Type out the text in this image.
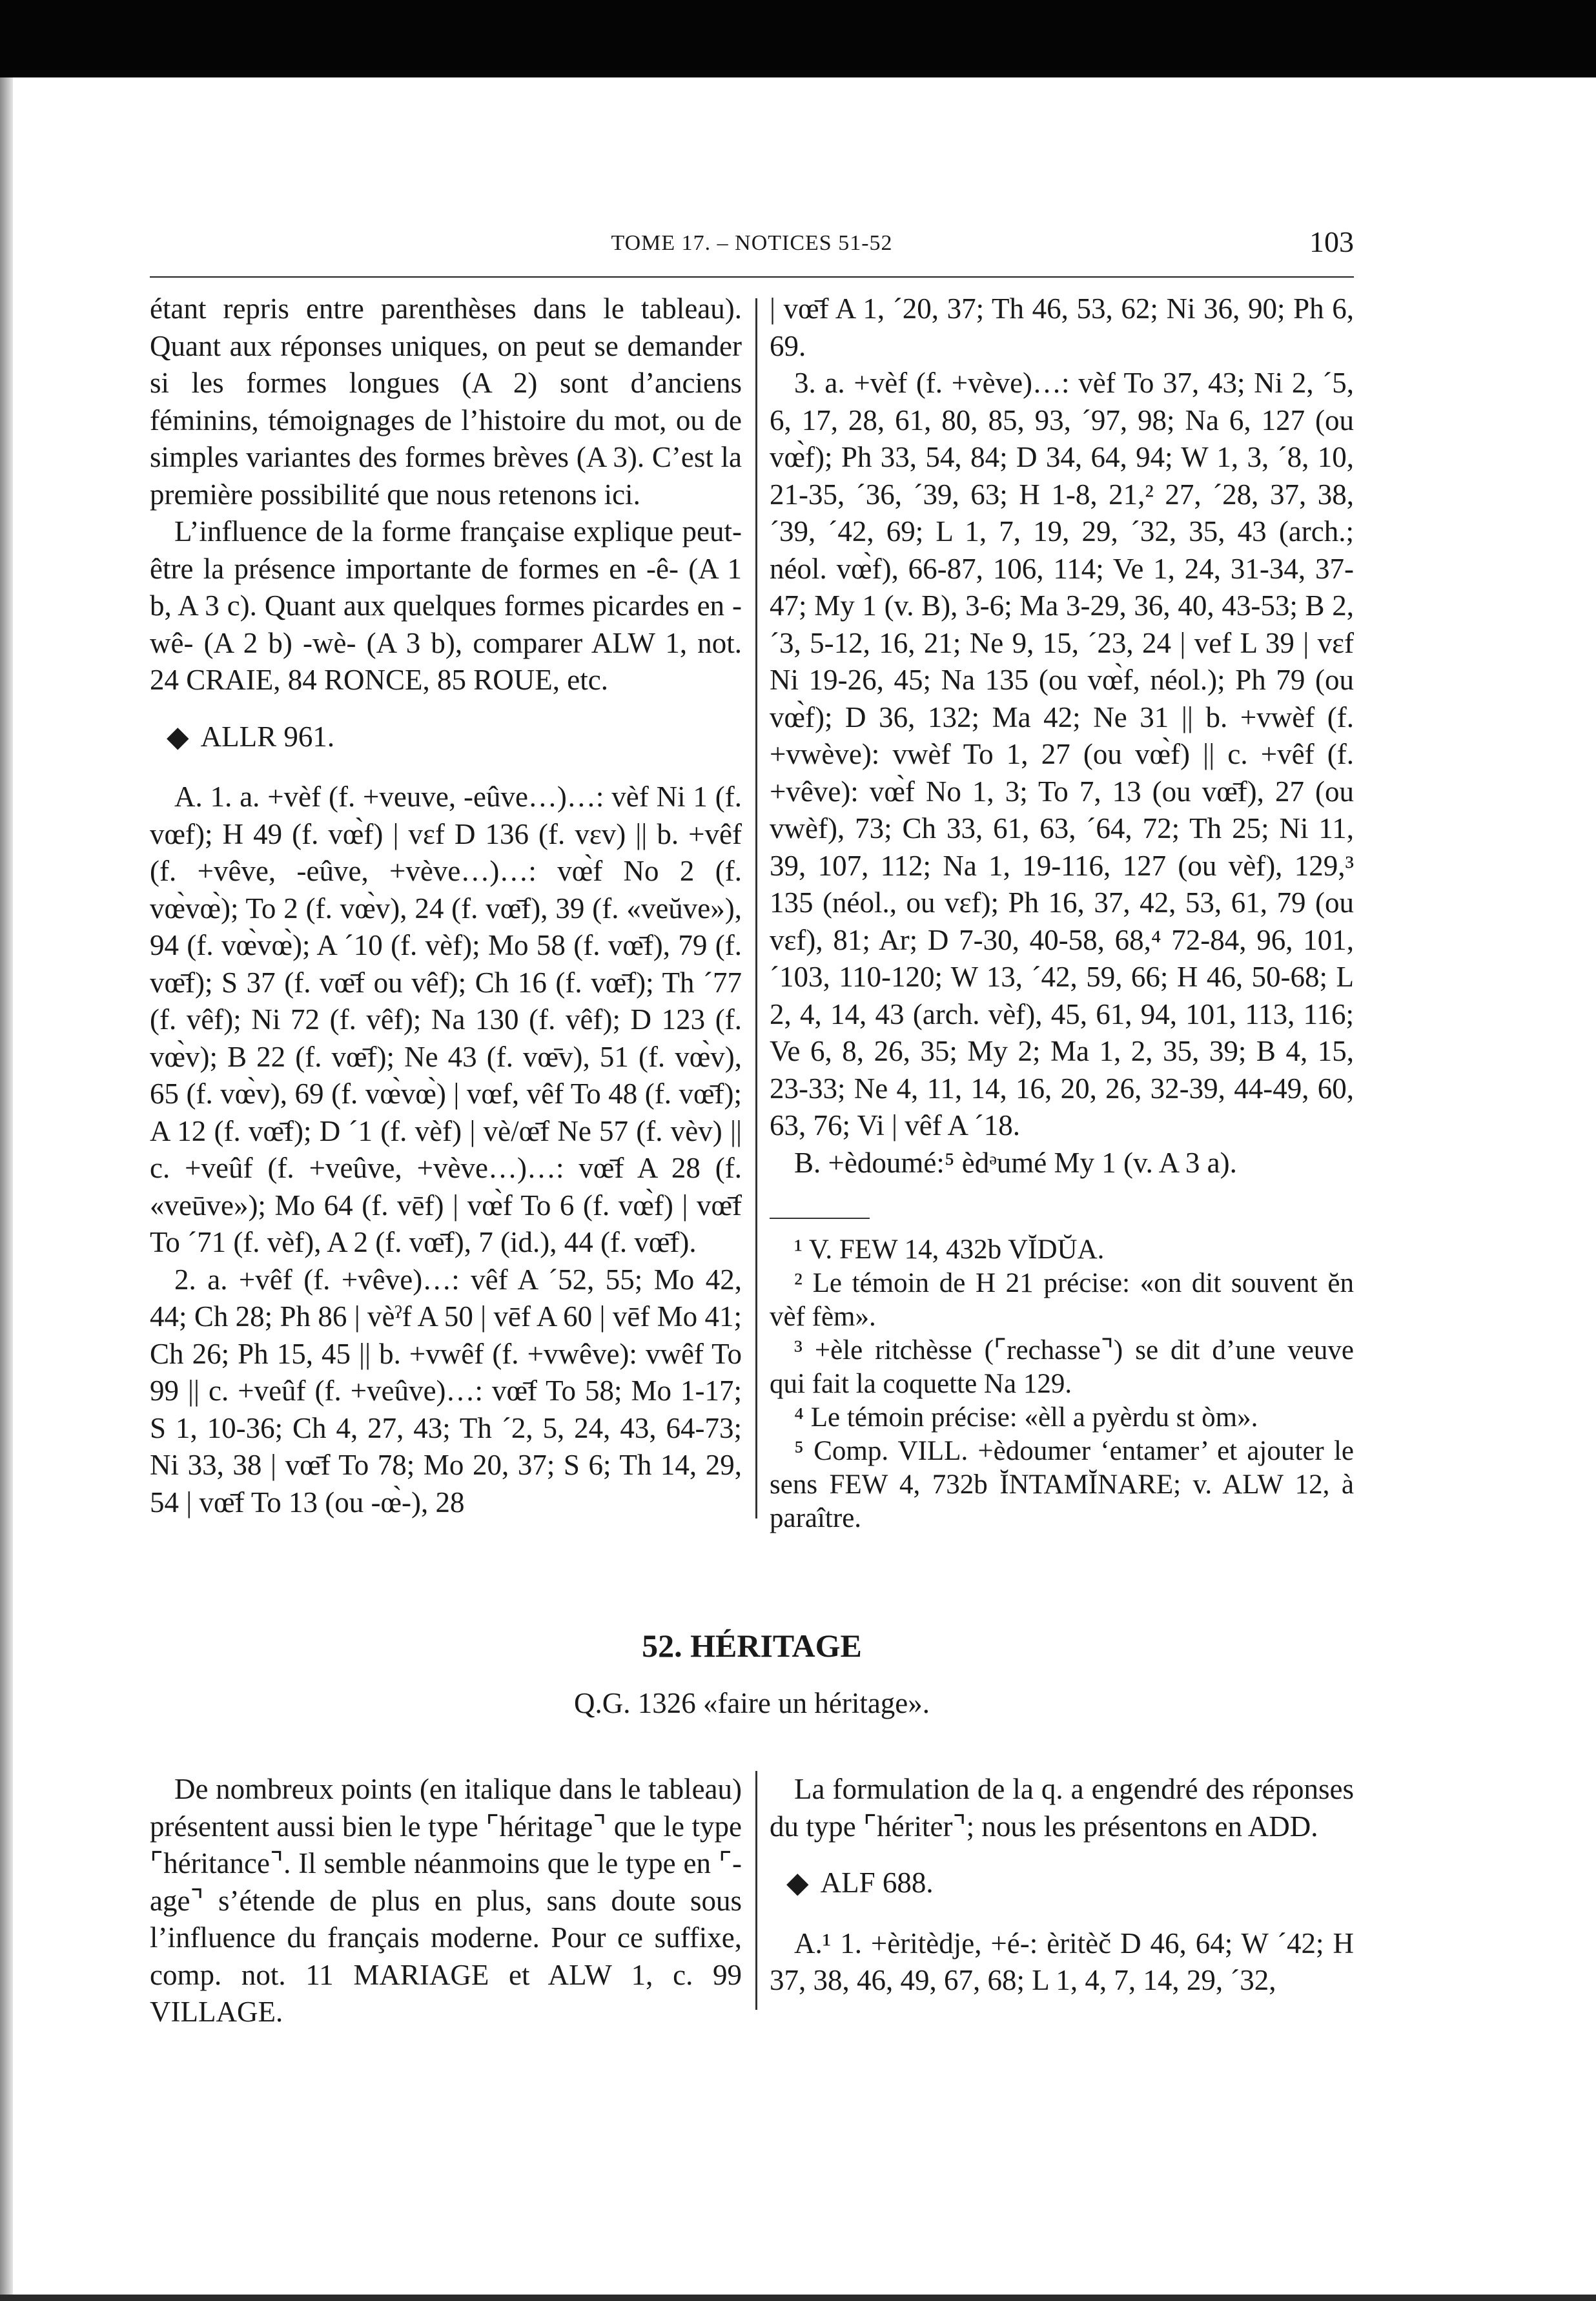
TOME 17. – NOTICES 51-52	103

étant repris entre parenthèses dans le tableau). Quant aux réponses uniques, on peut se demander si les formes longues (A 2) sont d’anciens féminins, témoignages de l’histoire du mot, ou de simples variantes des formes brèves (A 3). C’est la première possibilité que nous retenons ici.

L’influence de la forme française explique peut-être la présence importante de formes en -ê- (A 1 b, A 3 c). Quant aux quelques formes picardes en -wê- (A 2 b) -wè- (A 3 b), comparer ALW 1, not. 24 CRAIE, 84 RONCE, 85 ROUE, etc.

◆ ALLR 961.

A. 1. a. +vèf (f. +veuve, -eûve…)…: vèf Ni 1 (f. vœf); H 49 (f. vœ̀f) | vɛf D 136 (f. vɛv) || b. +vêf (f. +vêve, -eûve, +vève…)…: vœ̀f No 2 (f. vœ̀vœ̀); To 2 (f. vœ̀v), 24 (f. vœ̄f), 39 (f. «veŭve»), 94 (f. vœ̀vœ̀); A ´10 (f. vèf); Mo 58 (f. vœ̄f), 79 (f. vœ̄f); S 37 (f. vœ̄f ou vêf); Ch 16 (f. vœ̄f); Th ´77 (f. vêf); Ni 72 (f. vêf); Na 130 (f. vêf); D 123 (f. vœ̀v); B 22 (f. vœ̄f); Ne 43 (f. vœ̄v), 51 (f. vœ̀v), 65 (f. vœ̀v), 69 (f. vœ̀vœ̀) | vœf, vêf To 48 (f. vœ̄f); A 12 (f. vœ̄f); D ´1 (f. vèf) | vè/œ̄f Ne 57 (f. vèv) || c. +veûf (f. +veûve, +vève…)…: vœ̄f A 28 (f. «veūve»); Mo 64 (f. vēf) | vœ̀f To 6 (f. vœ̀f) | vœ̄f To ´71 (f. vèf), A 2 (f. vœ̄f), 7 (id.), 44 (f. vœ̄f).

2. a. +vêf (f. +vêve)…: vêf A ´52, 55; Mo 42, 44; Ch 28; Ph 86 | vèˀf A 50 | vēf A 60 | vēf Mo 41; Ch 26; Ph 15, 45 || b. +vwêf (f. +vwêve): vwêf To 99 || c. +veûf (f. +veûve)…: vœ̄f To 58; Mo 1-17; S 1, 10-36; Ch 4, 27, 43; Th ´2, 5, 24, 43, 64-73; Ni 33, 38 | vœ̄f To 78; Mo 20, 37; S 6; Th 14, 29, 54 | vœ̄f To 13 (ou -œ̀-), 28

| vœ̄f A 1, ´20, 37; Th 46, 53, 62; Ni 36, 90; Ph 6, 69.

3. a. +vèf (f. +vève)…: vèf To 37, 43; Ni 2, ´5, 6, 17, 28, 61, 80, 85, 93, ´97, 98; Na 6, 127 (ou vœ̀f); Ph 33, 54, 84; D 34, 64, 94; W 1, 3, ´8, 10, 21-35, ´36, ´39, 63; H 1-8, 21,² 27, ´28, 37, 38, ´39, ´42, 69; L 1, 7, 19, 29, ´32, 35, 43 (arch.; néol. vœ̀f), 66-87, 106, 114; Ve 1, 24, 31-34, 37-47; My 1 (v. B), 3-6; Ma 3-29, 36, 40, 43-53; B 2, ´3, 5-12, 16, 21; Ne 9, 15, ´23, 24 | vef L 39 | vɛf Ni 19-26, 45; Na 135 (ou vœ̀f, néol.); Ph 79 (ou vœ̀f); D 36, 132; Ma 42; Ne 31 || b. +vwèf (f. +vwève): vwèf To 1, 27 (ou vœ̀f) || c. +vêf (f. +vêve): vœ̀f No 1, 3; To 7, 13 (ou vœ̄f), 27 (ou vwèf), 73; Ch 33, 61, 63, ´64, 72; Th 25; Ni 11, 39, 107, 112; Na 1, 19-116, 127 (ou vèf), 129,³ 135 (néol., ou vɛf); Ph 16, 37, 42, 53, 61, 79 (ou vɛf), 81; Ar; D 7-30, 40-58, 68,⁴ 72-84, 96, 101, ´103, 110-120; W 13, ´42, 59, 66; H 46, 50-68; L 2, 4, 14, 43 (arch. vèf), 45, 61, 94, 101, 113, 116; Ve 6, 8, 26, 35; My 2; Ma 1, 2, 35, 39; B 4, 15, 23-33; Ne 4, 11, 14, 16, 20, 26, 32-39, 44-49, 60, 63, 76; Vi | vêf A ´18.

B. +èdoumé:⁵ èdᵊumé My 1 (v. A 3 a).

¹ V. FEW 14, 432b VĬDŬA.

² Le témoin de H 21 précise: «on dit souvent ĕn vèf fèm».

³ +èle ritchèsse (⌜rechasse⌝) se dit d’une veuve qui fait la coquette Na 129.

⁴ Le témoin précise: «èll a pyèrdu st òm».

⁵ Comp. VILL. +èdoumer ‘entamer’ et ajouter le sens FEW 4, 732b ĬNTAMĬNARE; v. ALW 12, à paraître.

52. HÉRITAGE
Q.G. 1326 «faire un héritage».

De nombreux points (en italique dans le tableau) présentent aussi bien le type ⌜héritage⌝ que le type ⌜héritance⌝. Il semble néanmoins que le type en ⌜-age⌝ s’étende de plus en plus, sans doute sous l’influence du français moderne. Pour ce suffixe, comp. not. 11 MARIAGE et ALW 1, c. 99 VILLAGE.

La formulation de la q. a engendré des réponses du type ⌜hériter⌝; nous les présentons en ADD.

◆ ALF 688.

A.¹ 1. +èritèdje, +é-: èritèč D 46, 64; W ´42; H 37, 38, 46, 49, 67, 68; L 1, 4, 7, 14, 29, ´32,
